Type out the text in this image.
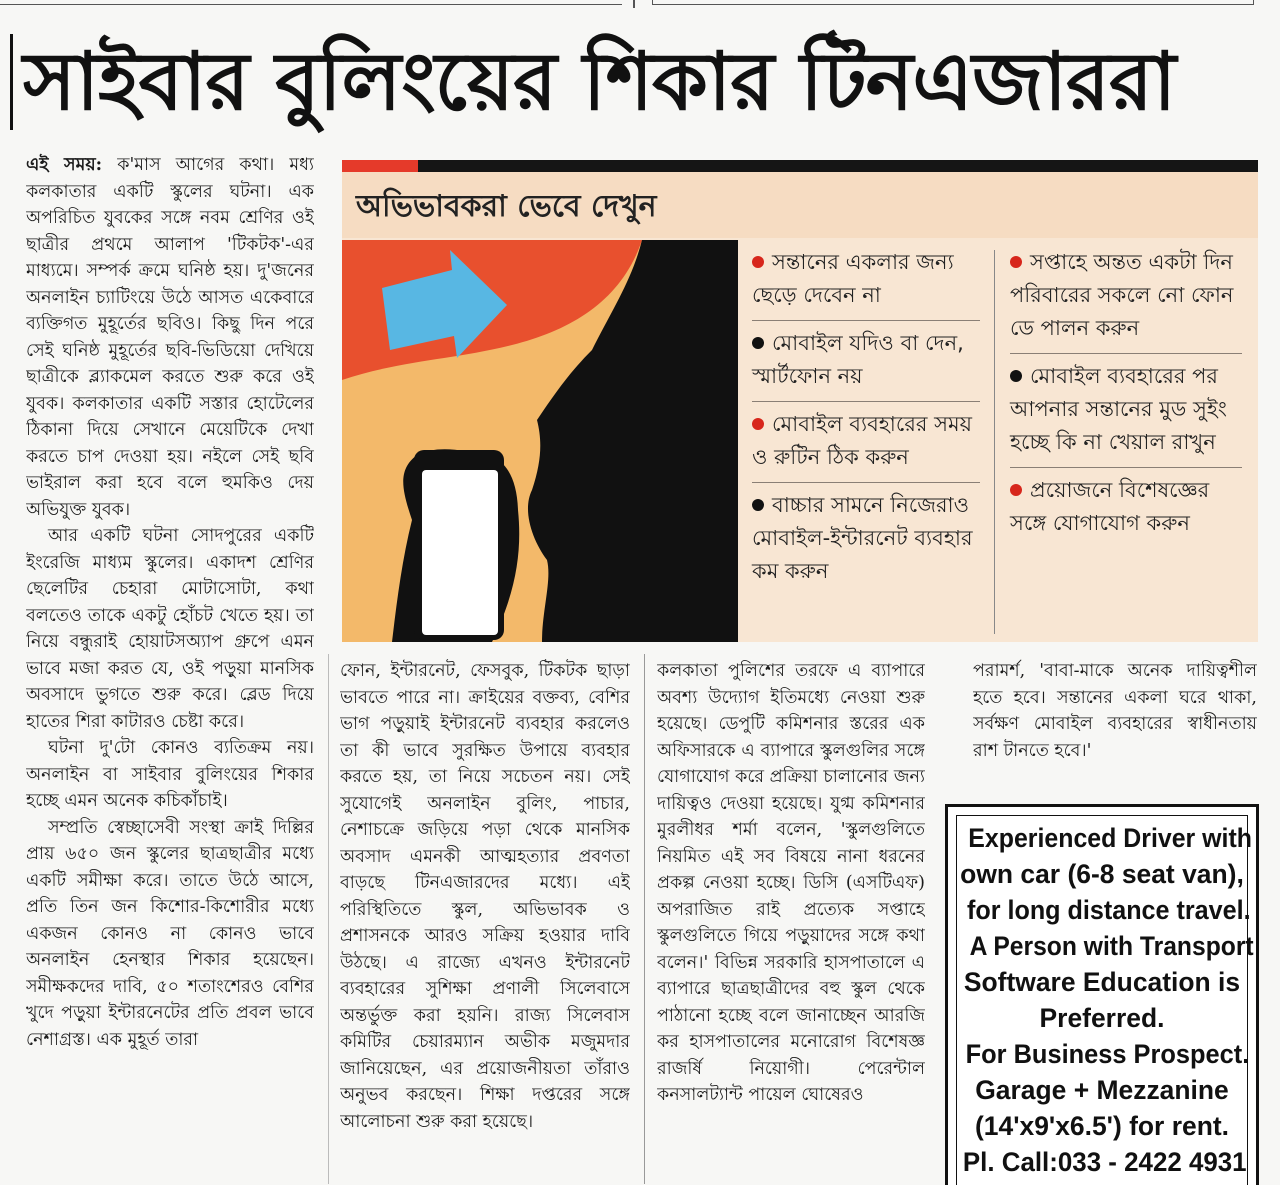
সাইবার বুলিংয়ের শিকার টিনএজাররা

এই সময়: ক'মাস আগের কথা। মধ্য কলকাতার একটি স্কুলের ঘটনা। এক অপরিচিত যুবকের সঙ্গে নবম শ্রেণির ওই ছাত্রীর প্রথমে আলাপ 'টিকটক'-এর মাধ্যমে। সম্পর্ক ক্রমে ঘনিষ্ঠ হয়। দু'জনের অনলাইন চ্যাটিংয়ে উঠে আসত একেবারে ব্যক্তিগত মুহূর্তের ছবিও। কিছু দিন পরে সেই ঘনিষ্ঠ মুহূর্তের ছবি-ভিডিয়ো দেখিয়ে ছাত্রীকে ব্ল্যাকমেল করতে শুরু করে ওই যুবক। কলকাতার একটি সস্তার হোটেলের ঠিকানা দিয়ে সেখানে মেয়েটিকে দেখা করতে চাপ দেওয়া হয়। নইলে সেই ছবি ভাইরাল করা হবে বলে হুমকিও দেয় অভিযুক্ত যুবক।

আর একটি ঘটনা সোদপুরের একটি ইংরেজি মাধ্যম স্কুলের। একাদশ শ্রেণির ছেলেটির চেহারা মোটাসোটা, কথা বলতেও তাকে একটু হোঁচট খেতে হয়। তা নিয়ে বন্ধুরাই হোয়াটসঅ্যাপ গ্রুপে এমন ভাবে মজা করত যে, ওই পড়ুয়া মানসিক অবসাদে ভুগতে শুরু করে। ব্লেড দিয়ে হাতের শিরা কাটারও চেষ্টা করে।

ঘটনা দু'টো কোনও ব্যতিক্রম নয়। অনলাইন বা সাইবার বুলিংয়ের শিকার হচ্ছে এমন অনেক কচিকাঁচাই।

সম্প্রতি স্বেচ্ছাসেবী সংস্থা ক্রাই দিল্লির প্রায় ৬৫০ জন স্কুলের ছাত্রছাত্রীর মধ্যে একটি সমীক্ষা করে। তাতে উঠে আসে, প্রতি তিন জন কিশোর-কিশোরীর মধ্যে একজন কোনও না কোনও ভাবে অনলাইন হেনস্থার শিকার হয়েছেন। সমীক্ষকদের দাবি, ৫০ শতাংশেরও বেশির খুদে পড়ুয়া ইন্টারনেটের প্রতি প্রবল ভাবে নেশাগ্রস্ত। এক মুহূর্ত তারা

ফোন, ইন্টারনেট, ফেসবুক, টিকটক ছাড়া ভাবতে পারে না। ক্রাইয়ের বক্তব্য, বেশির ভাগ পড়ুয়াই ইন্টারনেট ব্যবহার করলেও তা কী ভাবে সুরক্ষিত উপায়ে ব্যবহার করতে হয়, তা নিয়ে সচেতন নয়। সেই সুযোগেই অনলাইন বুলিং, পাচার, নেশাচক্রে জড়িয়ে পড়া থেকে মানসিক অবসাদ এমনকী আত্মহত্যার প্রবণতা বাড়ছে টিনএজারদের মধ্যে। এই পরিস্থিতিতে স্কুল, অভিভাবক ও প্রশাসনকে আরও সক্রিয় হওয়ার দাবি উঠছে। এ রাজ্যে এখনও ইন্টারনেট ব্যবহারের সুশিক্ষা প্রণালী সিলেবাসে অন্তর্ভুক্ত করা হয়নি। রাজ্য সিলেবাস কমিটির চেয়ারম্যান অভীক মজুমদার জানিয়েছেন, এর প্রয়োজনীয়তা তাঁরাও অনুভব করছেন। শিক্ষা দপ্তরের সঙ্গে আলোচনা শুরু করা হয়েছে।

কলকাতা পুলিশের তরফে এ ব্যাপারে অবশ্য উদ্যোগ ইতিমধ্যে নেওয়া শুরু হয়েছে। ডেপুটি কমিশনার স্তরের এক অফিসারকে এ ব্যাপারে স্কুলগুলির সঙ্গে যোগাযোগ করে প্রক্রিয়া চালানোর জন্য দায়িত্বও দেওয়া হয়েছে। যুগ্ম কমিশনার মুরলীধর শর্মা বলেন, 'স্কুলগুলিতে নিয়মিত এই সব বিষয়ে নানা ধরনের প্রকল্প নেওয়া হচ্ছে। ডিসি (এসটিএফ) অপরাজিত রাই প্রত্যেক সপ্তাহে স্কুলগুলিতে গিয়ে পড়ুয়াদের সঙ্গে কথা বলেন।' বিভিন্ন সরকারি হাসপাতালে এ ব্যাপারে ছাত্রছাত্রীদের বহু স্কুল থেকে পাঠানো হচ্ছে বলে জানাচ্ছেন আরজি কর হাসপাতালের মনোরোগ বিশেষজ্ঞ রাজর্ষি নিয়োগী। পেরেন্টাল কনসালট্যান্ট পায়েল ঘোষেরও

পরামর্শ, 'বাবা-মাকে অনেক দায়িত্বশীল হতে হবে। সন্তানের একলা ঘরে থাকা, সর্বক্ষণ মোবাইল ব্যবহারের স্বাধীনতায় রাশ টানতে হবে।'

অভিভাবকরা ভেবে দেখুন
সন্তানের একলার জন্য ছেড়ে দেবেন না
মোবাইল যদিও বা দেন, স্মার্টফোন নয়
মোবাইল ব্যবহারের সময় ও রুটিন ঠিক করুন
বাচ্চার সামনে নিজেরাও মোবাইল-ইন্টারনেট ব্যবহার কম করুন
সপ্তাহে অন্তত একটা দিন পরিবারের সকলে নো ফোন ডে পালন করুন
মোবাইল ব্যবহারের পর আপনার সন্তানের মুড সুইং হচ্ছে কি না খেয়াল রাখুন
প্রয়োজনে বিশেষজ্ঞের সঙ্গে যোগাযোগ করুন
Experienced Driver with
own car (6-8 seat van),
for long distance travel.
A Person with Transport
Software Education is
Preferred.
For Business Prospect.
Garage + Mezzanine
(14'x9'x6.5') for rent.
Pl. Call:033 - 2422 4931
